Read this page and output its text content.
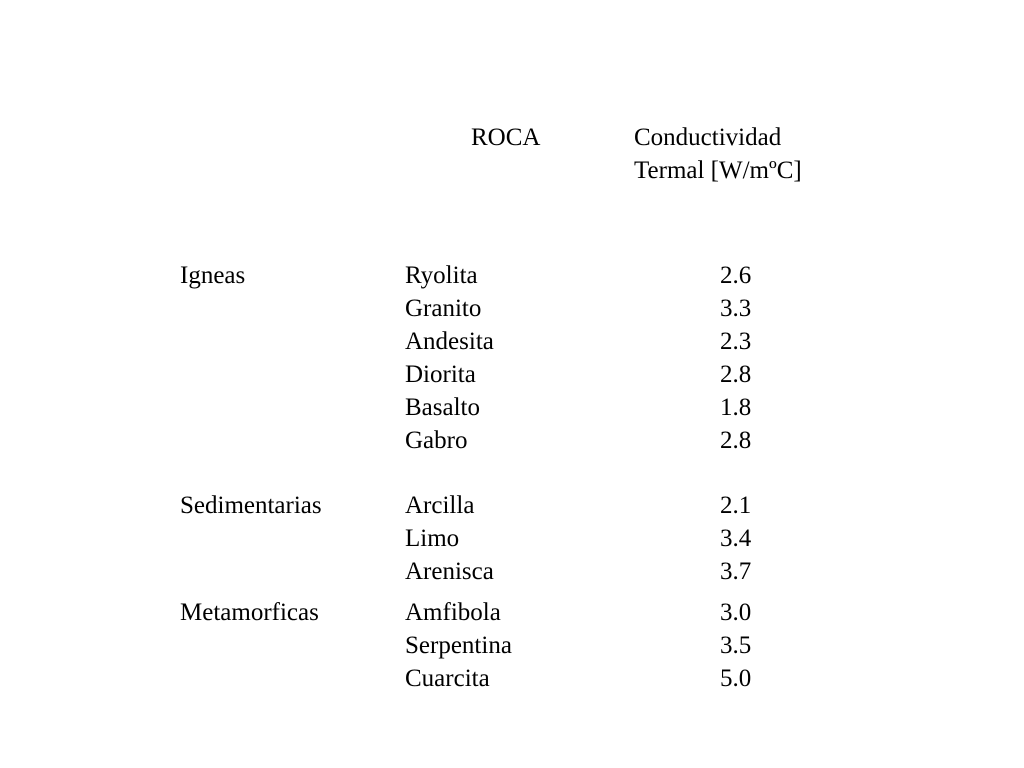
ROCA	Conductividad
Termal [W/mºC]
Igneas	Ryolita	2.6
Granito	3.3
Andesita	2.3
Diorita	2.8
Basalto	1.8
Gabro	2.8
Sedimentarias	Arcilla	2.1
Limo	3.4
Arenisca	3.7
Metamorficas	Amfibola	3.0
Serpentina	3.5
Cuarcita	5.0
